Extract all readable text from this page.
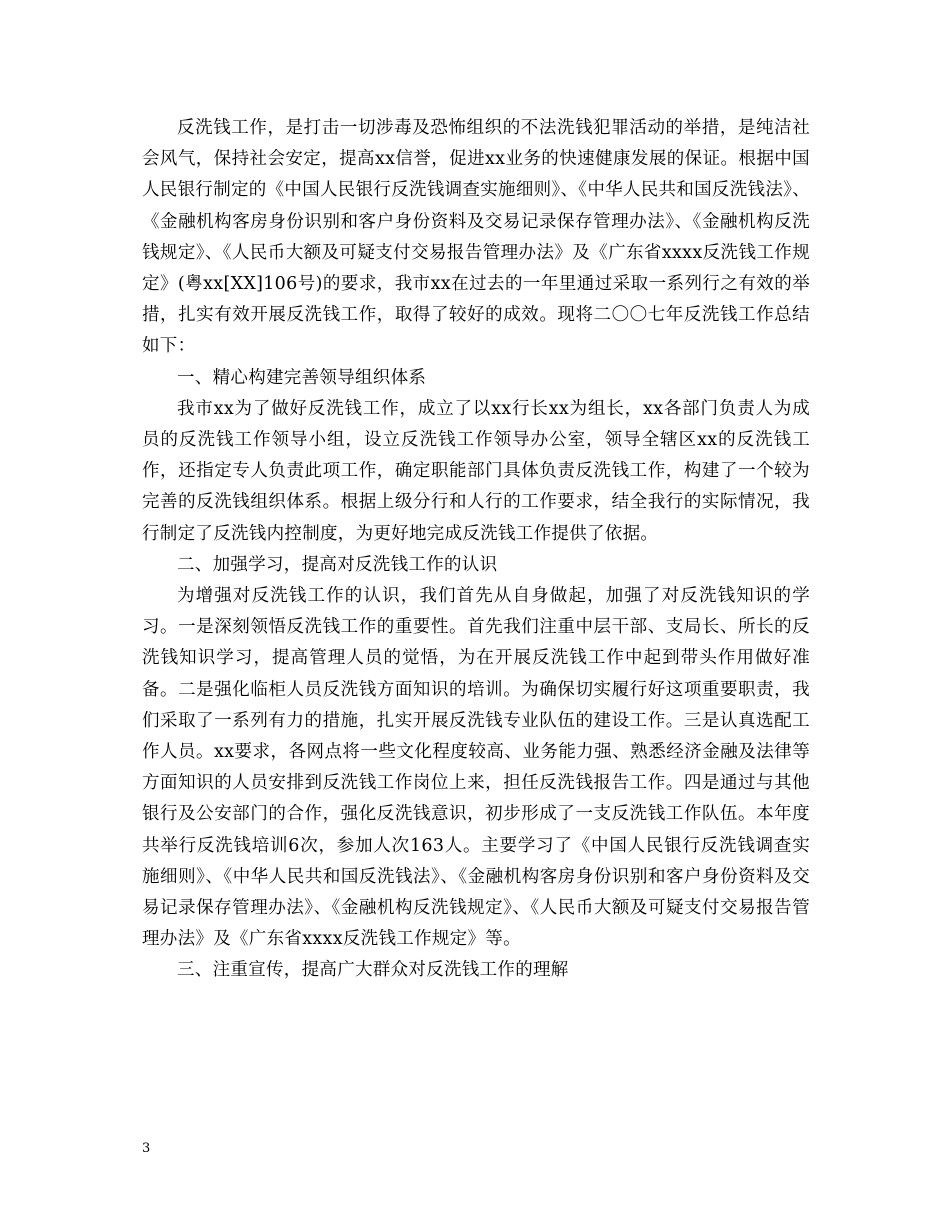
反洗钱工作，是打击一切涉毒及恐怖组织的不法洗钱犯罪活动的举措，是纯洁社会风气，保持社会安定，提高xx信誉，促进xx业务的快速健康发展的保证。根据中国人民银行制定的《中国人民银行反洗钱调查实施细则》、《中华人民共和国反洗钱法》、《金融机构客房身份识别和客户身份资料及交易记录保存管理办法》、《金融机构反洗钱规定》、《人民币大额及可疑支付交易报告管理办法》及《广东省xxxx反洗钱工作规定》(粤xx[XX]106号)的要求，我市xx在过去的一年里通过采取一系列行之有效的举措，扎实有效开展反洗钱工作，取得了较好的成效。现将二〇〇七年反洗钱工作总结如下：

一、精心构建完善领导组织体系

我市xx为了做好反洗钱工作，成立了以xx行长xx为组长，xx各部门负责人为成员的反洗钱工作领导小组，设立反洗钱工作领导办公室，领导全辖区xx的反洗钱工作，还指定专人负责此项工作，确定职能部门具体负责反洗钱工作，构建了一个较为完善的反洗钱组织体系。根据上级分行和人行的工作要求，结全我行的实际情况，我行制定了反洗钱内控制度，为更好地完成反洗钱工作提供了依据。

二、加强学习，提高对反洗钱工作的认识

为增强对反洗钱工作的认识，我们首先从自身做起，加强了对反洗钱知识的学习。一是深刻领悟反洗钱工作的重要性。首先我们注重中层干部、支局长、所长的反洗钱知识学习，提高管理人员的觉悟，为在开展反洗钱工作中起到带头作用做好准备。二是强化临柜人员反洗钱方面知识的培训。为确保切实履行好这项重要职责，我们采取了一系列有力的措施，扎实开展反洗钱专业队伍的建设工作。三是认真选配工作人员。xx要求，各网点将一些文化程度较高、业务能力强、熟悉经济金融及法律等方面知识的人员安排到反洗钱工作岗位上来，担任反洗钱报告工作。四是通过与其他银行及公安部门的合作，强化反洗钱意识，初步形成了一支反洗钱工作队伍。本年度共举行反洗钱培训6次，参加人次163人。主要学习了《中国人民银行反洗钱调查实施细则》、《中华人民共和国反洗钱法》、《金融机构客房身份识别和客户身份资料及交易记录保存管理办法》、《金融机构反洗钱规定》、《人民币大额及可疑支付交易报告管理办法》及《广东省xxxx反洗钱工作规定》等。

三、注重宣传，提高广大群众对反洗钱工作的理解

3
